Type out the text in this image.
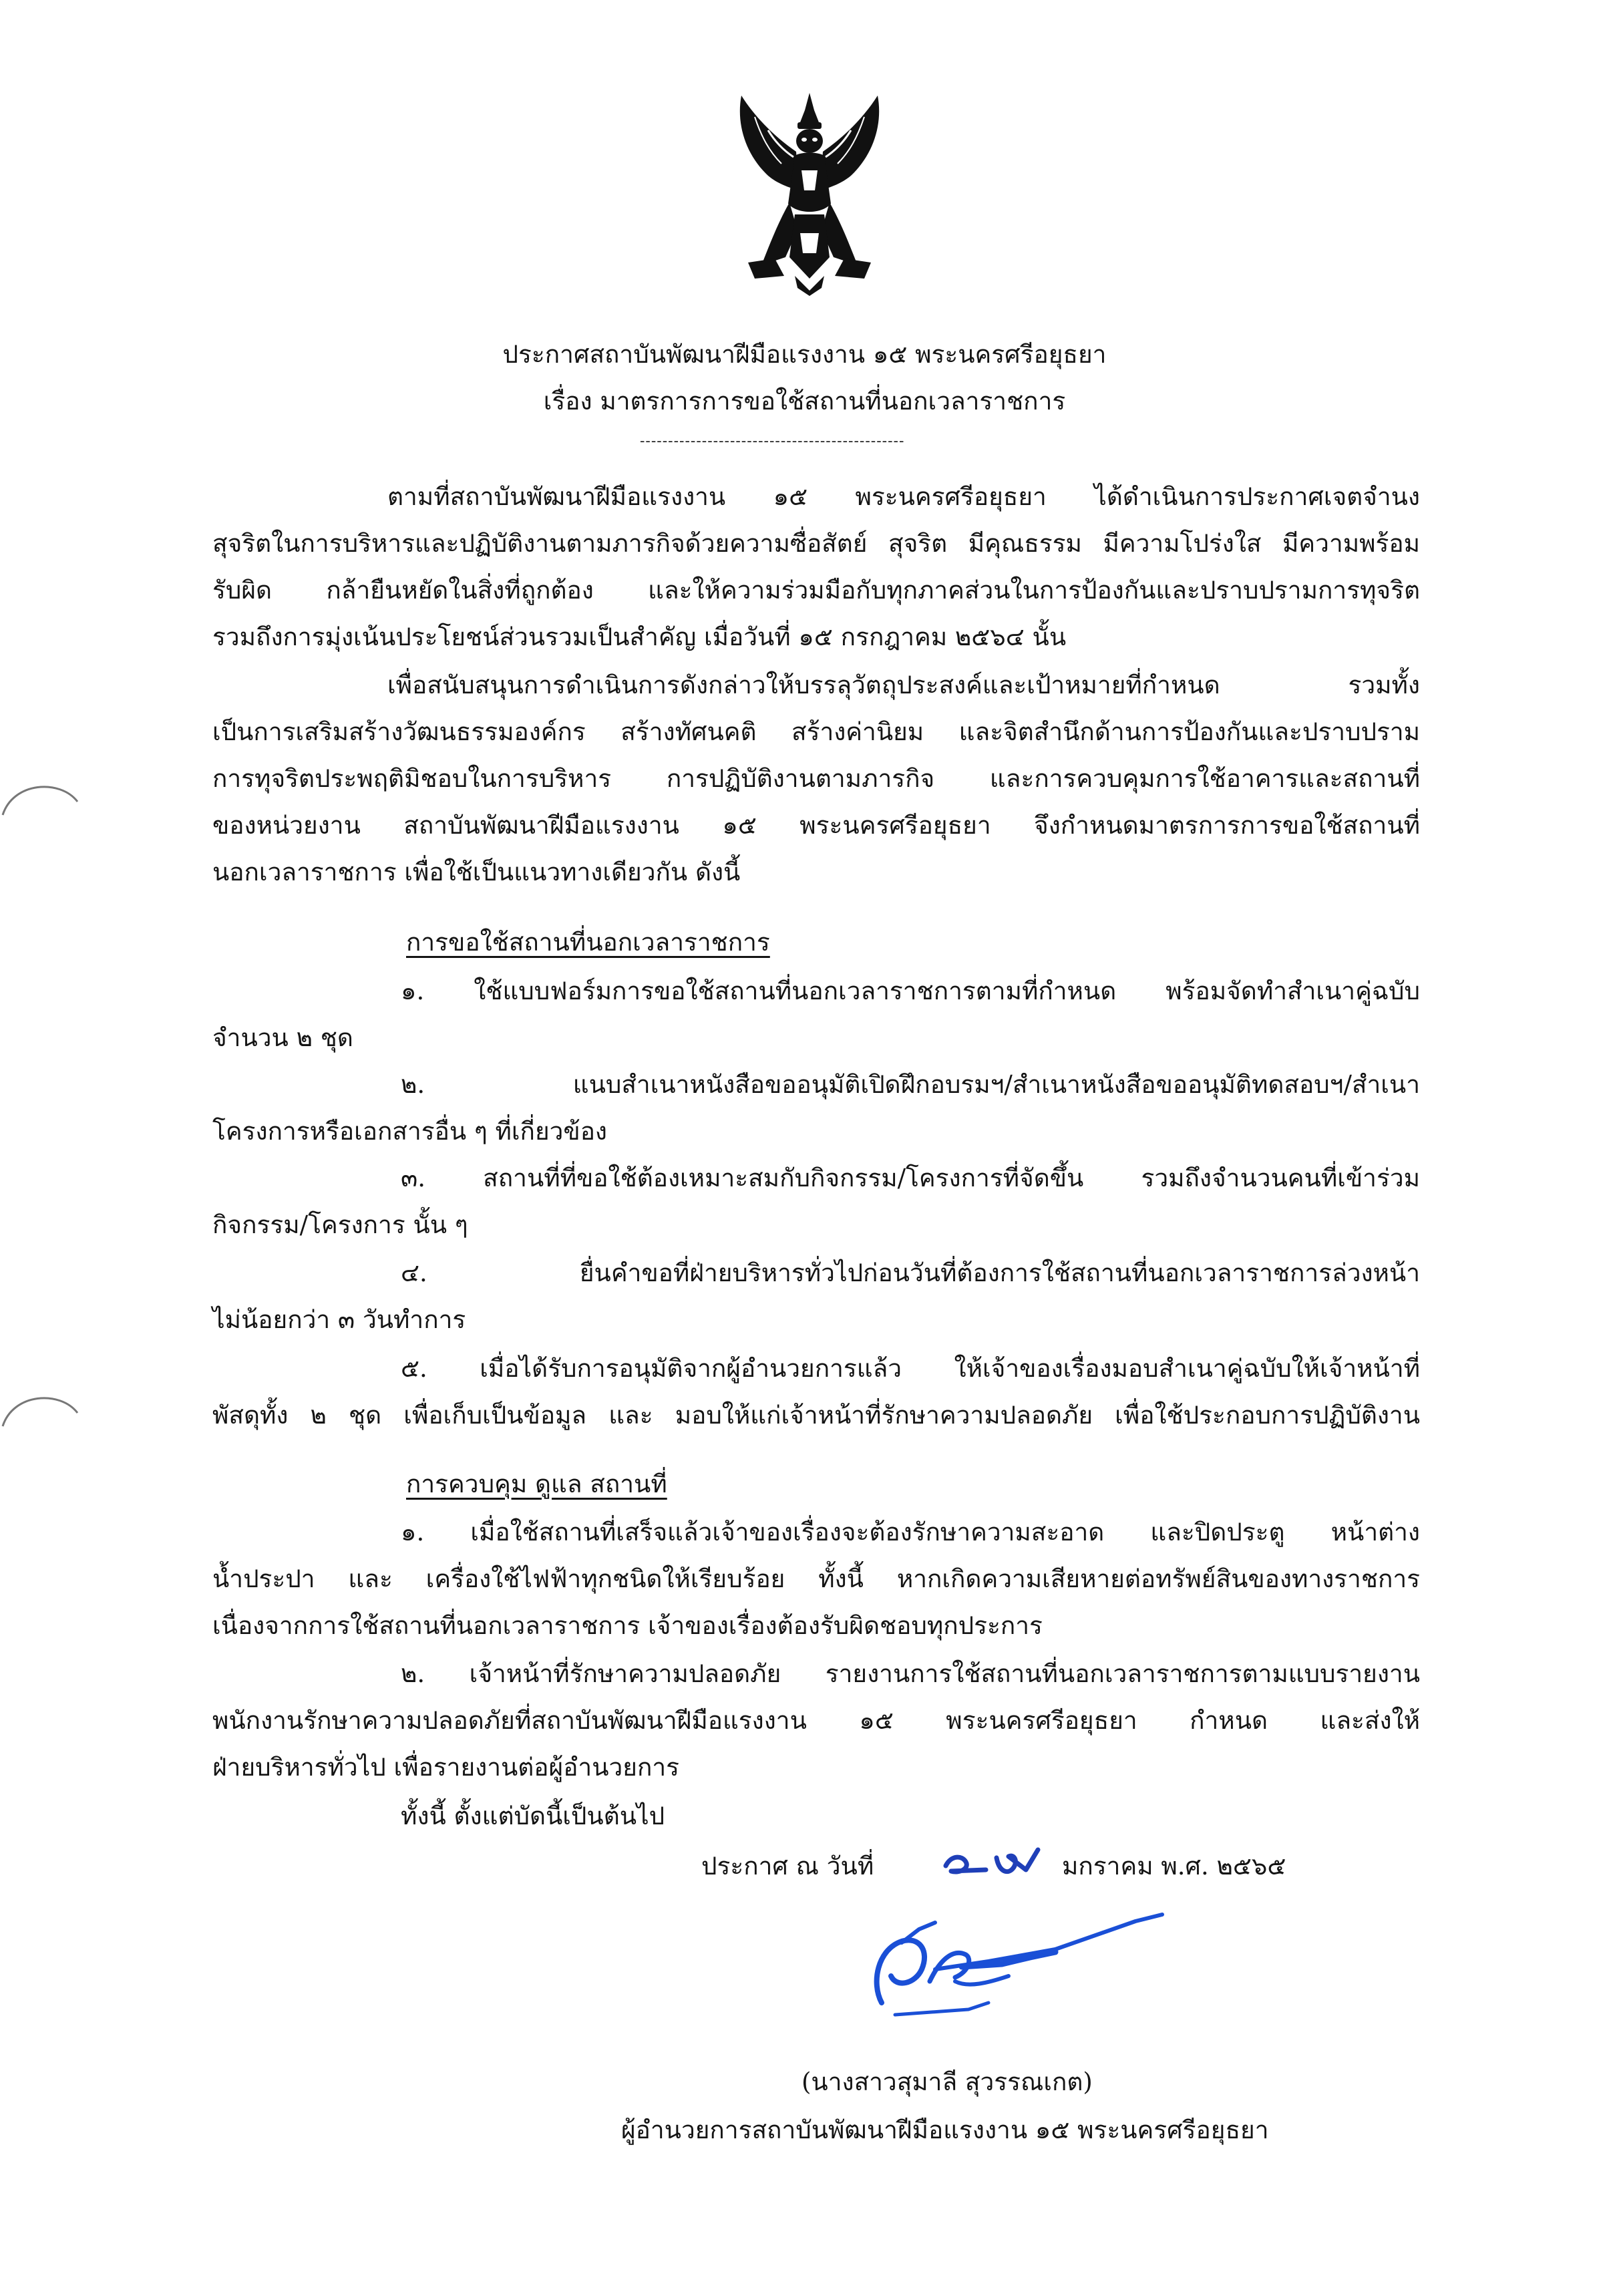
ประกาศสถาบันพัฒนาฝีมือแรงงาน ๑๕ พระนครศรีอยุธยา
เรื่อง มาตรการการขอใช้สถานที่นอกเวลาราชการ
-----------------------------------------------
ตามที่สถาบันพัฒนาฝีมือแรงงาน ๑๕ พระนครศรีอยุธยา ได้ดำเนินการประกาศเจตจำนง
สุจริตในการบริหารและปฏิบัติงานตามภารกิจด้วยความซื่อสัตย์ สุจริต มีคุณธรรม มีความโปร่งใส มีความพร้อม
รับผิด กล้ายืนหยัดในสิ่งที่ถูกต้อง และให้ความร่วมมือกับทุกภาคส่วนในการป้องกันและปราบปรามการทุจริต
รวมถึงการมุ่งเน้นประโยชน์ส่วนรวมเป็นสำคัญ เมื่อวันที่ ๑๕ กรกฎาคม ๒๕๖๔ นั้น
เพื่อสนับสนุนการดำเนินการดังกล่าวให้บรรลุวัตถุประสงค์และเป้าหมายที่กำหนด รวมทั้ง
เป็นการเสริมสร้างวัฒนธรรมองค์กร สร้างทัศนคติ สร้างค่านิยม และจิตสำนึกด้านการป้องกันและปราบปราม
การทุจริตประพฤติมิชอบในการบริหาร การปฏิบัติงานตามภารกิจ และการควบคุมการใช้อาคารและสถานที่
ของหน่วยงาน สถาบันพัฒนาฝีมือแรงงาน ๑๕ พระนครศรีอยุธยา จึงกำหนดมาตรการการขอใช้สถานที่
นอกเวลาราชการ เพื่อใช้เป็นแนวทางเดียวกัน ดังนี้
การขอใช้สถานที่นอกเวลาราชการ
๑. ใช้แบบฟอร์มการขอใช้สถานที่นอกเวลาราชการตามที่กำหนด พร้อมจัดทำสำเนาคู่ฉบับ
จำนวน ๒ ชุด
๒. แนบสำเนาหนังสือขออนุมัติเปิดฝึกอบรมฯ/สำเนาหนังสือขออนุมัติทดสอบฯ/สำเนา
โครงการหรือเอกสารอื่น ๆ ที่เกี่ยวข้อง
๓. สถานที่ที่ขอใช้ต้องเหมาะสมกับกิจกรรม/โครงการที่จัดขึ้น รวมถึงจำนวนคนที่เข้าร่วม
กิจกรรม/โครงการ นั้น ๆ
๔. ยื่นคำขอที่ฝ่ายบริหารทั่วไปก่อนวันที่ต้องการใช้สถานที่นอกเวลาราชการล่วงหน้า
ไม่น้อยกว่า ๓ วันทำการ
๕. เมื่อได้รับการอนุมัติจากผู้อำนวยการแล้ว ให้เจ้าของเรื่องมอบสำเนาคู่ฉบับให้เจ้าหน้าที่
พัสดุทั้ง ๒ ชุด เพื่อเก็บเป็นข้อมูล และ มอบให้แก่เจ้าหน้าที่รักษาความปลอดภัย เพื่อใช้ประกอบการปฏิบัติงาน
การควบคุม ดูแล สถานที่
๑. เมื่อใช้สถานที่เสร็จแล้วเจ้าของเรื่องจะต้องรักษาความสะอาด และปิดประตู หน้าต่าง
น้ำประปา และ เครื่องใช้ไฟฟ้าทุกชนิดให้เรียบร้อย ทั้งนี้ หากเกิดความเสียหายต่อทรัพย์สินของทางราชการ
เนื่องจากการใช้สถานที่นอกเวลาราชการ เจ้าของเรื่องต้องรับผิดชอบทุกประการ
๒. เจ้าหน้าที่รักษาความปลอดภัย รายงานการใช้สถานที่นอกเวลาราชการตามแบบรายงาน
พนักงานรักษาความปลอดภัยที่สถาบันพัฒนาฝีมือแรงงาน ๑๕ พระนครศรีอยุธยา กำหนด และส่งให้
ฝ่ายบริหารทั่วไป เพื่อรายงานต่อผู้อำนวยการ
ทั้งนี้ ตั้งแต่บัดนี้เป็นต้นไป
ประกาศ ณ วันที่	มกราคม พ.ศ. ๒๕๖๕
(นางสาวสุมาลี สุวรรณเกต)
ผู้อำนวยการสถาบันพัฒนาฝีมือแรงงาน ๑๕ พระนครศรีอยุธยา
